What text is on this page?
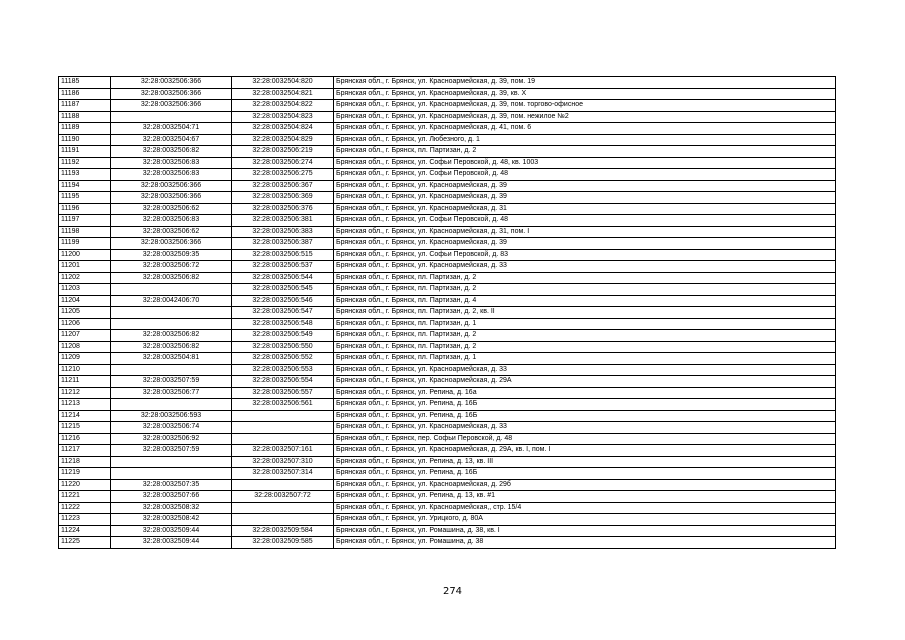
11185	32:28:0032506:366	32:28:0032504:820	Брянская обл., г. Брянск, ул. Красноармейская, д. 39, пом. 19
11186	32:28:0032506:366	32:28:0032504:821	Брянская обл., г. Брянск, ул. Красноармейская, д. 39, кв. X
11187	32:28:0032506:366	32:28:0032504:822	Брянская обл., г. Брянск, ул. Красноармейская, д. 39, пом. торгово-офисное
11188		32:28:0032504:823	Брянская обл., г. Брянск, ул. Красноармейская, д. 39, пом. нежилое №2
11189	32:28:0032504:71	32:28:0032504:824	Брянская обл., г. Брянск, ул. Красноармейская, д. 41, пом. 6
11190	32:28:0032504:67	32:28:0032504:829	Брянская обл., г. Брянск, ул. Любезного, д. 1
11191	32:28:0032506:82	32:28:0032506:219	Брянская обл., г. Брянск, пл. Партизан, д. 2
11192	32:28:0032506:83	32:28:0032506:274	Брянская обл., г. Брянск, ул. Софьи Перовской, д. 48, кв. 1003
11193	32:28:0032506:83	32:28:0032506:275	Брянская обл., г. Брянск, ул. Софьи Перовской, д. 48
11194	32:28:0032506:366	32:28:0032506:367	Брянская обл., г. Брянск, ул. Красноармейская, д. 39
11195	32:28:0032506:366	32:28:0032506:369	Брянская обл., г. Брянск, ул. Красноармейская, д. 39
11196	32:28:0032506:62	32:28:0032506:376	Брянская обл., г. Брянск, ул. Красноармейская, д. 31
11197	32:28:0032506:83	32:28:0032506:381	Брянская обл., г. Брянск, ул. Софьи Перовской, д. 48
11198	32:28:0032506:62	32:28:0032506:383	Брянская обл., г. Брянск, ул. Красноармейская, д. 31, пом. I
11199	32:28:0032506:366	32:28:0032506:387	Брянская обл., г. Брянск, ул. Красноармейская, д. 39
11200	32:28:0032509:35	32:28:0032506:515	Брянская обл., г. Брянск, ул. Софьи Перовской, д. 83
11201	32:28:0032506:72	32:28:0032506:537	Брянская обл., г. Брянск, ул. Красноармейская, д. 33
11202	32:28:0032506:82	32:28:0032506:544	Брянская обл., г. Брянск, пл. Партизан, д. 2
11203		32:28:0032506:545	Брянская обл., г. Брянск, пл. Партизан, д. 2
11204	32:28:0042406:70	32:28:0032506:546	Брянская обл., г. Брянск, пл. Партизан, д. 4
11205		32:28:0032506:547	Брянская обл., г. Брянск, пл. Партизан, д. 2, кв. II
11206		32:28:0032506:548	Брянская обл., г. Брянск, пл. Партизан, д. 1
11207	32:28:0032506:82	32:28:0032506:549	Брянская обл., г. Брянск, пл. Партизан, д. 2
11208	32:28:0032506:82	32:28:0032506:550	Брянская обл., г. Брянск, пл. Партизан, д. 2
11209	32:28:0032504:81	32:28:0032506:552	Брянская обл., г. Брянск, пл. Партизан, д. 1
11210		32:28:0032506:553	Брянская обл., г. Брянск, ул. Красноармейская, д. 33
11211	32:28:0032507:59	32:28:0032506:554	Брянская обл., г. Брянск, ул. Красноармейская, д. 29А
11212	32:28:0032506:77	32:28:0032506:557	Брянская обл., г. Брянск, ул. Репина, д. 16а
11213		32:28:0032506:561	Брянская обл., г. Брянск, ул. Репина, д. 16Б
11214	32:28:0032506:593		Брянская обл., г. Брянск, ул. Репина, д. 16Б
11215	32:28:0032506:74		Брянская обл., г. Брянск, ул. Красноармейская, д. 33
11216	32:28:0032506:92		Брянская обл., г. Брянск, пер. Софьи Перовской, д. 48
11217	32:28:0032507:59	32:28:0032507:161	Брянская обл., г. Брянск, ул. Красноармейская, д. 29А, кв. I, пом. I
11218		32:28:0032507:310	Брянская обл., г. Брянск, ул. Репина, д. 13, кв. III
11219		32:28:0032507:314	Брянская обл., г. Брянск, ул. Репина, д. 16Б
11220	32:28:0032507:35		Брянская обл., г. Брянск, ул. Красноармейская, д. 29б
11221	32:28:0032507:66	32:28:0032507:72	Брянская обл., г. Брянск, ул. Репина, д. 13, кв. #1
11222	32:28:0032508:32		Брянская обл., г. Брянск, ул. Красноармейская,, стр. 15/4
11223	32:28:0032508:42		Брянская обл., г. Брянск, ул. Урицкого, д. 80А
11224	32:28:0032509:44	32:28:0032509:584	Брянская обл., г. Брянск, ул. Ромашина, д. 38, кв. I
11225	32:28:0032509:44	32:28:0032509:585	Брянская обл., г. Брянск, ул. Ромашина, д. 38
274
